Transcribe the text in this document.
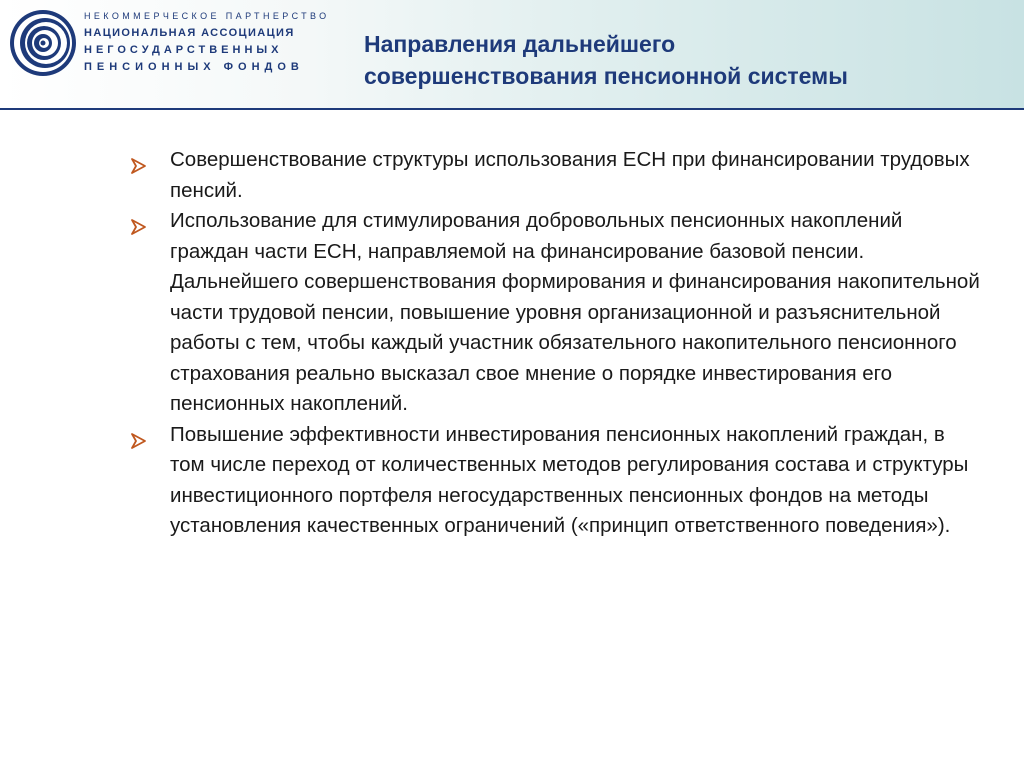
НЕКОММЕРЧЕСКОЕ ПАРТНЕРСТВО
НАЦИОНАЛЬНАЯ АССОЦИАЦИЯ
НЕГОСУДАРСТВЕННЫХ
ПЕНСИОННЫХ ФОНДОВ
Направления дальнейшего
совершенствования пенсионной системы
Совершенствование структуры использования ЕСН при финансировании трудовых пенсий.
Использование для стимулирования добровольных пенсионных накоплений граждан части ЕСН, направляемой на финансирование базовой пенсии.
Дальнейшего совершенствования формирования и финансирования накопительной части трудовой пенсии, повышение уровня организационной и разъяснительной работы с тем, чтобы каждый участник обязательного накопительного пенсионного страхования реально высказал свое мнение о порядке инвестирования его пенсионных накоплений.
Повышение эффективности инвестирования пенсионных накоплений граждан, в том числе переход от количественных методов регулирования состава и структуры инвестиционного портфеля негосударственных пенсионных фондов на методы установления качественных ограничений («принцип ответственного поведения»).
